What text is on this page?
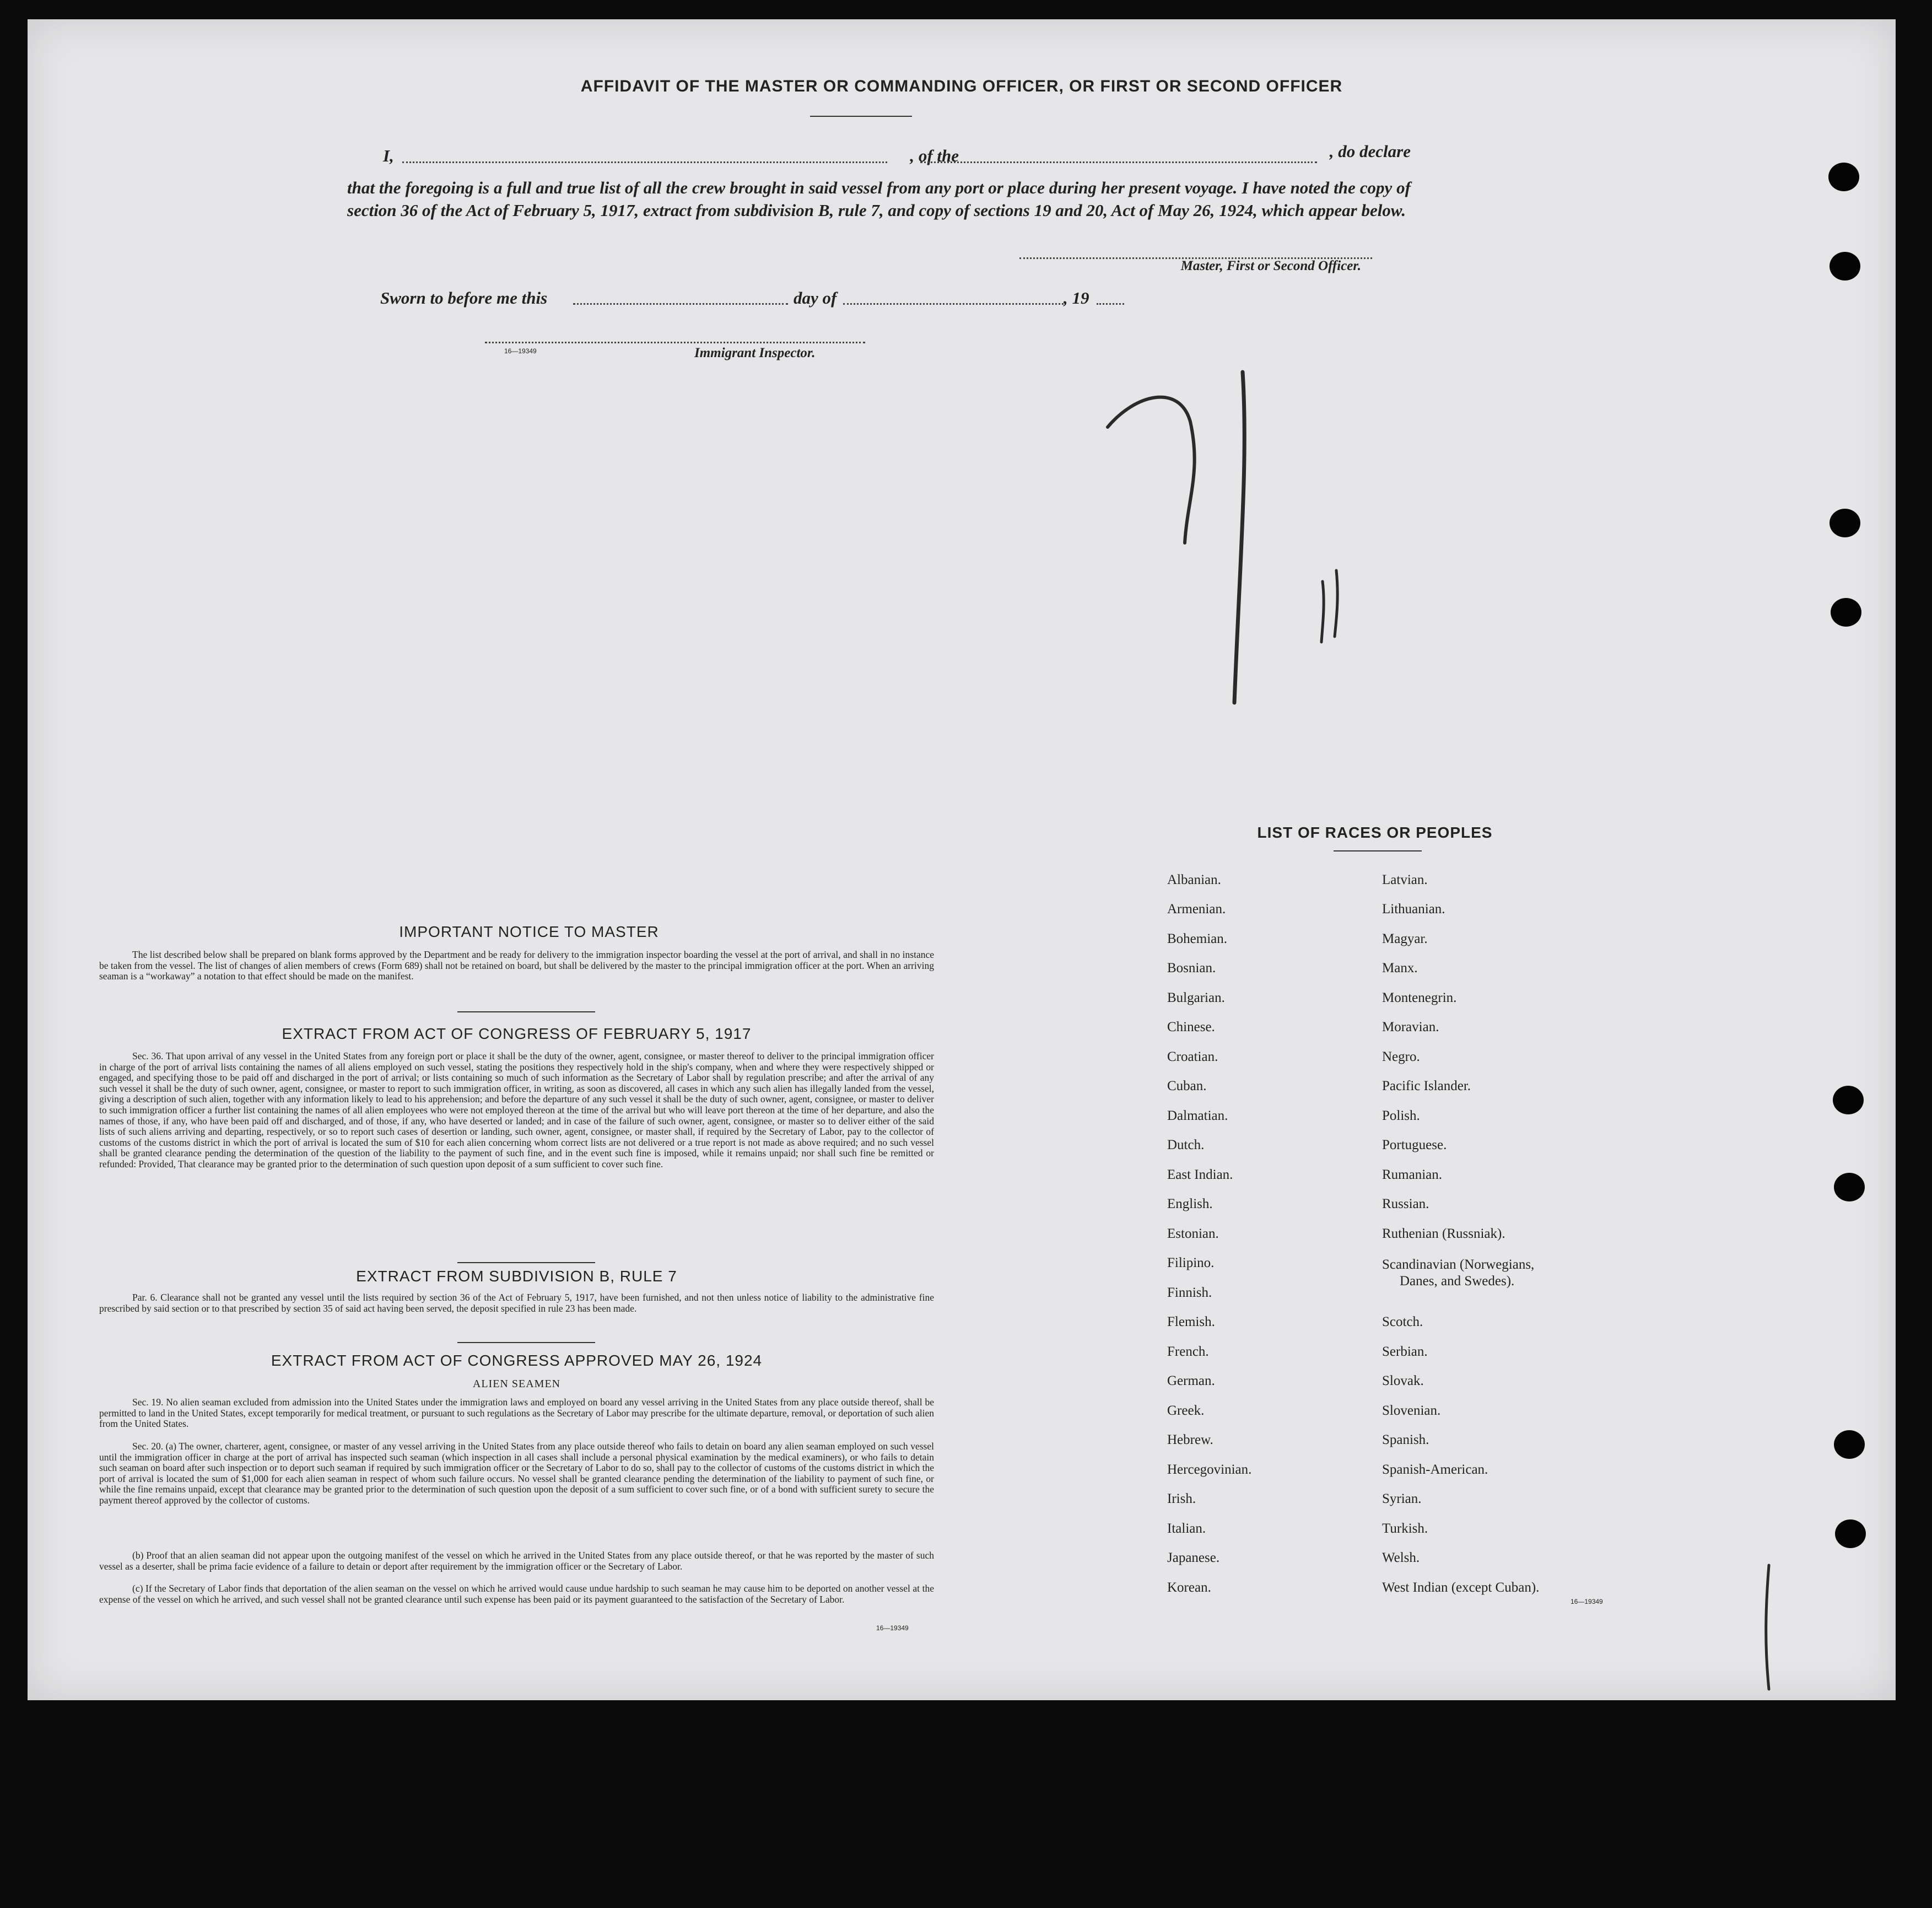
AFFIDAVIT OF THE MASTER OR COMMANDING OFFICER, OR FIRST OR SECOND OFFICER
I,	, of the	, do declare
that the foregoing is a full and true list of all the crew brought in said vessel from any port or place during her present voyage. I have noted the copy of section 36 of the Act of February 5, 1917, extract from subdivision B, rule 7, and copy of sections 19 and 20, Act of May 26, 1924, which appear below.
Master, First or Second Officer.
Sworn to before me this	day of	, 19
16—19349	Immigrant Inspector.
IMPORTANT NOTICE TO MASTER
The list described below shall be prepared on blank forms approved by the Department and be ready for delivery to the immigration inspector boarding the vessel at the port of arrival, and shall in no instance be taken from the vessel. The list of changes of alien members of crews (Form 689) shall not be retained on board, but shall be delivered by the master to the principal immigration officer at the port. When an arriving seaman is a “workaway” a notation to that effect should be made on the manifest.
EXTRACT FROM ACT OF CONGRESS OF FEBRUARY 5, 1917
Sec. 36. That upon arrival of any vessel in the United States from any foreign port or place it shall be the duty of the owner, agent, consignee, or master thereof to deliver to the principal immigration officer in charge of the port of arrival lists containing the names of all aliens employed on such vessel, stating the positions they respectively hold in the ship's company, when and where they were respectively shipped or engaged, and specifying those to be paid off and discharged in the port of arrival; or lists containing so much of such information as the Secretary of Labor shall by regulation prescribe; and after the arrival of any such vessel it shall be the duty of such owner, agent, consignee, or master to report to such immigration officer, in writing, as soon as discovered, all cases in which any such alien has illegally landed from the vessel, giving a description of such alien, together with any information likely to lead to his apprehension; and before the departure of any such vessel it shall be the duty of such owner, agent, consignee, or master to deliver to such immigration officer a further list containing the names of all alien employees who were not employed thereon at the time of the arrival but who will leave port thereon at the time of her departure, and also the names of those, if any, who have been paid off and discharged, and of those, if any, who have deserted or landed; and in case of the failure of such owner, agent, consignee, or master so to deliver either of the said lists of such aliens arriving and departing, respectively, or so to report such cases of desertion or landing, such owner, agent, consignee, or master shall, if required by the Secretary of Labor, pay to the collector of customs of the customs district in which the port of arrival is located the sum of $10 for each alien concerning whom correct lists are not delivered or a true report is not made as above required; and no such vessel shall be granted clearance pending the determination of the question of the liability to the payment of such fine, and in the event such fine is imposed, while it remains unpaid; nor shall such fine be remitted or refunded: Provided, That clearance may be granted prior to the determination of such question upon deposit of a sum sufficient to cover such fine.
EXTRACT FROM SUBDIVISION B, RULE 7
Par. 6. Clearance shall not be granted any vessel until the lists required by section 36 of the Act of February 5, 1917, have been furnished, and not then unless notice of liability to the administrative fine prescribed by said section or to that prescribed by section 35 of said act having been served, the deposit specified in rule 23 has been made.
EXTRACT FROM ACT OF CONGRESS APPROVED MAY 26, 1924
ALIEN SEAMEN
Sec. 19. No alien seaman excluded from admission into the United States under the immigration laws and employed on board any vessel arriving in the United States from any place outside thereof, shall be permitted to land in the United States, except temporarily for medical treatment, or pursuant to such regulations as the Secretary of Labor may prescribe for the ultimate departure, removal, or deportation of such alien from the United States.
Sec. 20. (a) The owner, charterer, agent, consignee, or master of any vessel arriving in the United States from any place outside thereof who fails to detain on board any alien seaman employed on such vessel until the immigration officer in charge at the port of arrival has inspected such seaman (which inspection in all cases shall include a personal physical examination by the medical examiners), or who fails to detain such seaman on board after such inspection or to deport such seaman if required by such immigration officer or the Secretary of Labor to do so, shall pay to the collector of customs of the customs district in which the port of arrival is located the sum of $1,000 for each alien seaman in respect of whom such failure occurs. No vessel shall be granted clearance pending the determination of the liability to payment of such fine, or while the fine remains unpaid, except that clearance may be granted prior to the determination of such question upon the deposit of a sum sufficient to cover such fine, or of a bond with sufficient surety to secure the payment thereof approved by the collector of customs.
(b) Proof that an alien seaman did not appear upon the outgoing manifest of the vessel on which he arrived in the United States from any place outside thereof, or that he was reported by the master of such vessel as a deserter, shall be prima facie evidence of a failure to detain or deport after requirement by the immigration officer or the Secretary of Labor.
(c) If the Secretary of Labor finds that deportation of the alien seaman on the vessel on which he arrived would cause undue hardship to such seaman he may cause him to be deported on another vessel at the expense of the vessel on which he arrived, and such vessel shall not be granted clearance until such expense has been paid or its payment guaranteed to the satisfaction of the Secretary of Labor.
16—19349
LIST OF RACES OR PEOPLES
Albanian.
Armenian.
Bohemian.
Bosnian.
Bulgarian.
Chinese.
Croatian.
Cuban.
Dalmatian.
Dutch.
East Indian.
English.
Estonian.
Filipino.
Finnish.
Flemish.
French.
German.
Greek.
Hebrew.
Hercegovinian.
Irish.
Italian.
Japanese.
Korean.
Latvian.
Lithuanian.
Magyar.
Manx.
Montenegrin.
Moravian.
Negro.
Pacific Islander.
Polish.
Portuguese.
Rumanian.
Russian.
Ruthenian (Russniak).
Scandinavian (Norwegians,
Danes, and Swedes).
Scotch.
Serbian.
Slovak.
Slovenian.
Spanish.
Spanish-American.
Syrian.
Turkish.
Welsh.
West Indian (except Cuban).
16—19349
